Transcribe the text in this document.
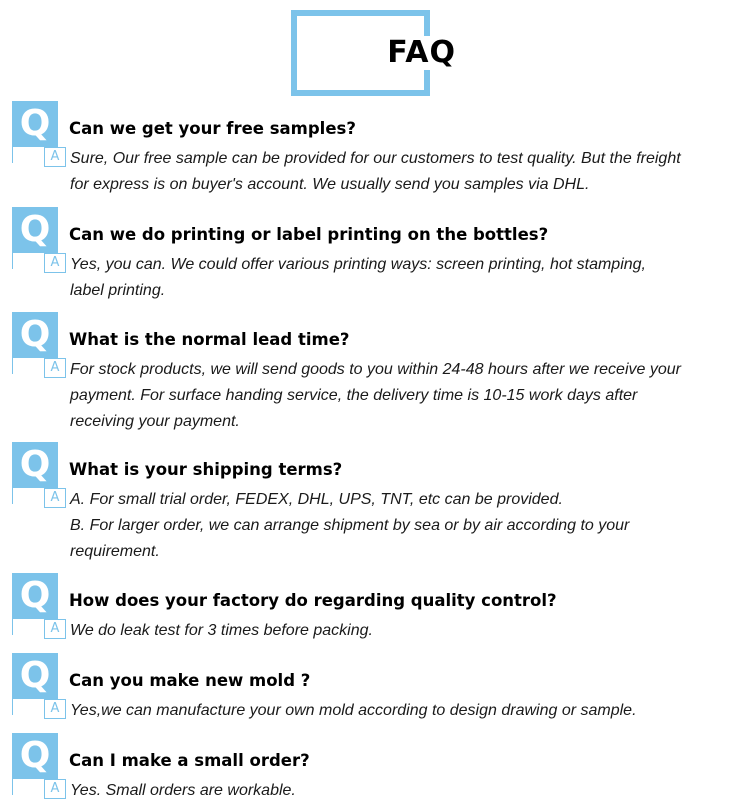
FAQ
Q
A
Can we get your free samples?
Sure, Our free sample can be provided for our customers to test quality. But the freight
for express is on buyer's account. We usually send you samples via DHL.
Q
A
Can we do printing or label printing on the bottles?
Yes, you can. We could offer various printing ways: screen printing, hot stamping,
label printing.
Q
A
What is the normal lead time?
For stock products, we will send goods to you within 24-48 hours after we receive your
payment. For surface handing service, the delivery time is 10-15 work days after
receiving your payment.
Q
A
What is your shipping terms?
A. For small trial order, FEDEX, DHL, UPS, TNT, etc can be provided.
B. For larger order, we can arrange shipment by sea or by air according to your
requirement.
Q
A
How does your factory do regarding quality control?
We do leak test for 3 times before packing.
Q
A
Can you make new mold ?
Yes,we can manufacture your own mold according to design drawing or sample.
Q
A
Can I make a small order?
Yes. Small orders are workable.
